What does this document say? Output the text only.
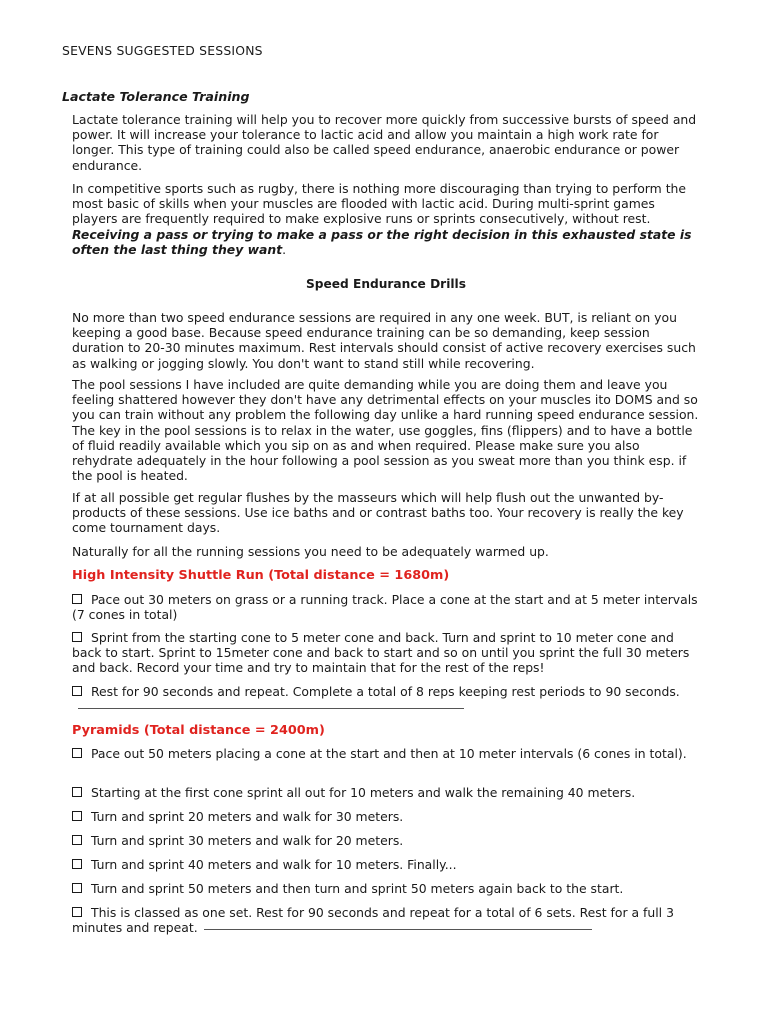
SEVENS SUGGESTED SESSIONS
Lactate Tolerance Training

Lactate tolerance training will help you to recover more quickly from successive bursts of speed and power. It will increase your tolerance to lactic acid and allow you maintain a high work rate for longer. This type of training could also be called speed endurance, anaerobic endurance or power endurance.

In competitive sports such as rugby, there is nothing more discouraging than trying to perform the most basic of skills when your muscles are flooded with lactic acid. During multi-sprint games players are frequently required to make explosive runs or sprints consecutively, without rest. Receiving a pass or trying to make a pass or the right decision in this exhausted state is often the last thing they want.

Speed Endurance Drills

No more than two speed endurance sessions are required in any one week. BUT, is reliant on you keeping a good base. Because speed endurance training can be so demanding, keep session duration to 20-30 minutes maximum. Rest intervals should consist of active recovery exercises such as walking or jogging slowly. You don't want to stand still while recovering.

The pool sessions I have included are quite demanding while you are doing them and leave you feeling shattered however they don't have any detrimental effects on your muscles ito DOMS and so you can train without any problem the following day unlike a hard running speed endurance session. The key in the pool sessions is to relax in the water, use goggles, fins (flippers) and to have a bottle of fluid readily available which you sip on as and when required. Please make sure you also rehydrate adequately in the hour following a pool session as you sweat more than you think esp. if the pool is heated.

If at all possible get regular flushes by the masseurs which will help flush out the unwanted by-products of these sessions. Use ice baths and or contrast baths too. Your recovery is really the key come tournament days.

Naturally for all the running sessions you need to be adequately warmed up.

High Intensity Shuttle Run (Total distance = 1680m)

Pace out 30 meters on grass or a running track. Place a cone at the start and at 5 meter intervals (7 cones in total)

Sprint from the starting cone to 5 meter cone and back. Turn and sprint to 10 meter cone and back to start. Sprint to 15meter cone and back to start and so on until you sprint the full 30 meters and back. Record your time and try to maintain that for the rest of the reps!

Rest for 90 seconds and repeat. Complete a total of 8 reps keeping rest periods to 90 seconds.

Pyramids (Total distance = 2400m)

Pace out 50 meters placing a cone at the start and then at 10 meter intervals (6 cones in total).

Starting at the first cone sprint all out for 10 meters and walk the remaining 40 meters.

Turn and sprint 20 meters and walk for 30 meters.

Turn and sprint 30 meters and walk for 20 meters.

Turn and sprint 40 meters and walk for 10 meters. Finally...

Turn and sprint 50 meters and then turn and sprint 50 meters again back to the start.

This is classed as one set. Rest for 90 seconds and repeat for a total of 6 sets. Rest for a full 3 minutes and repeat.
